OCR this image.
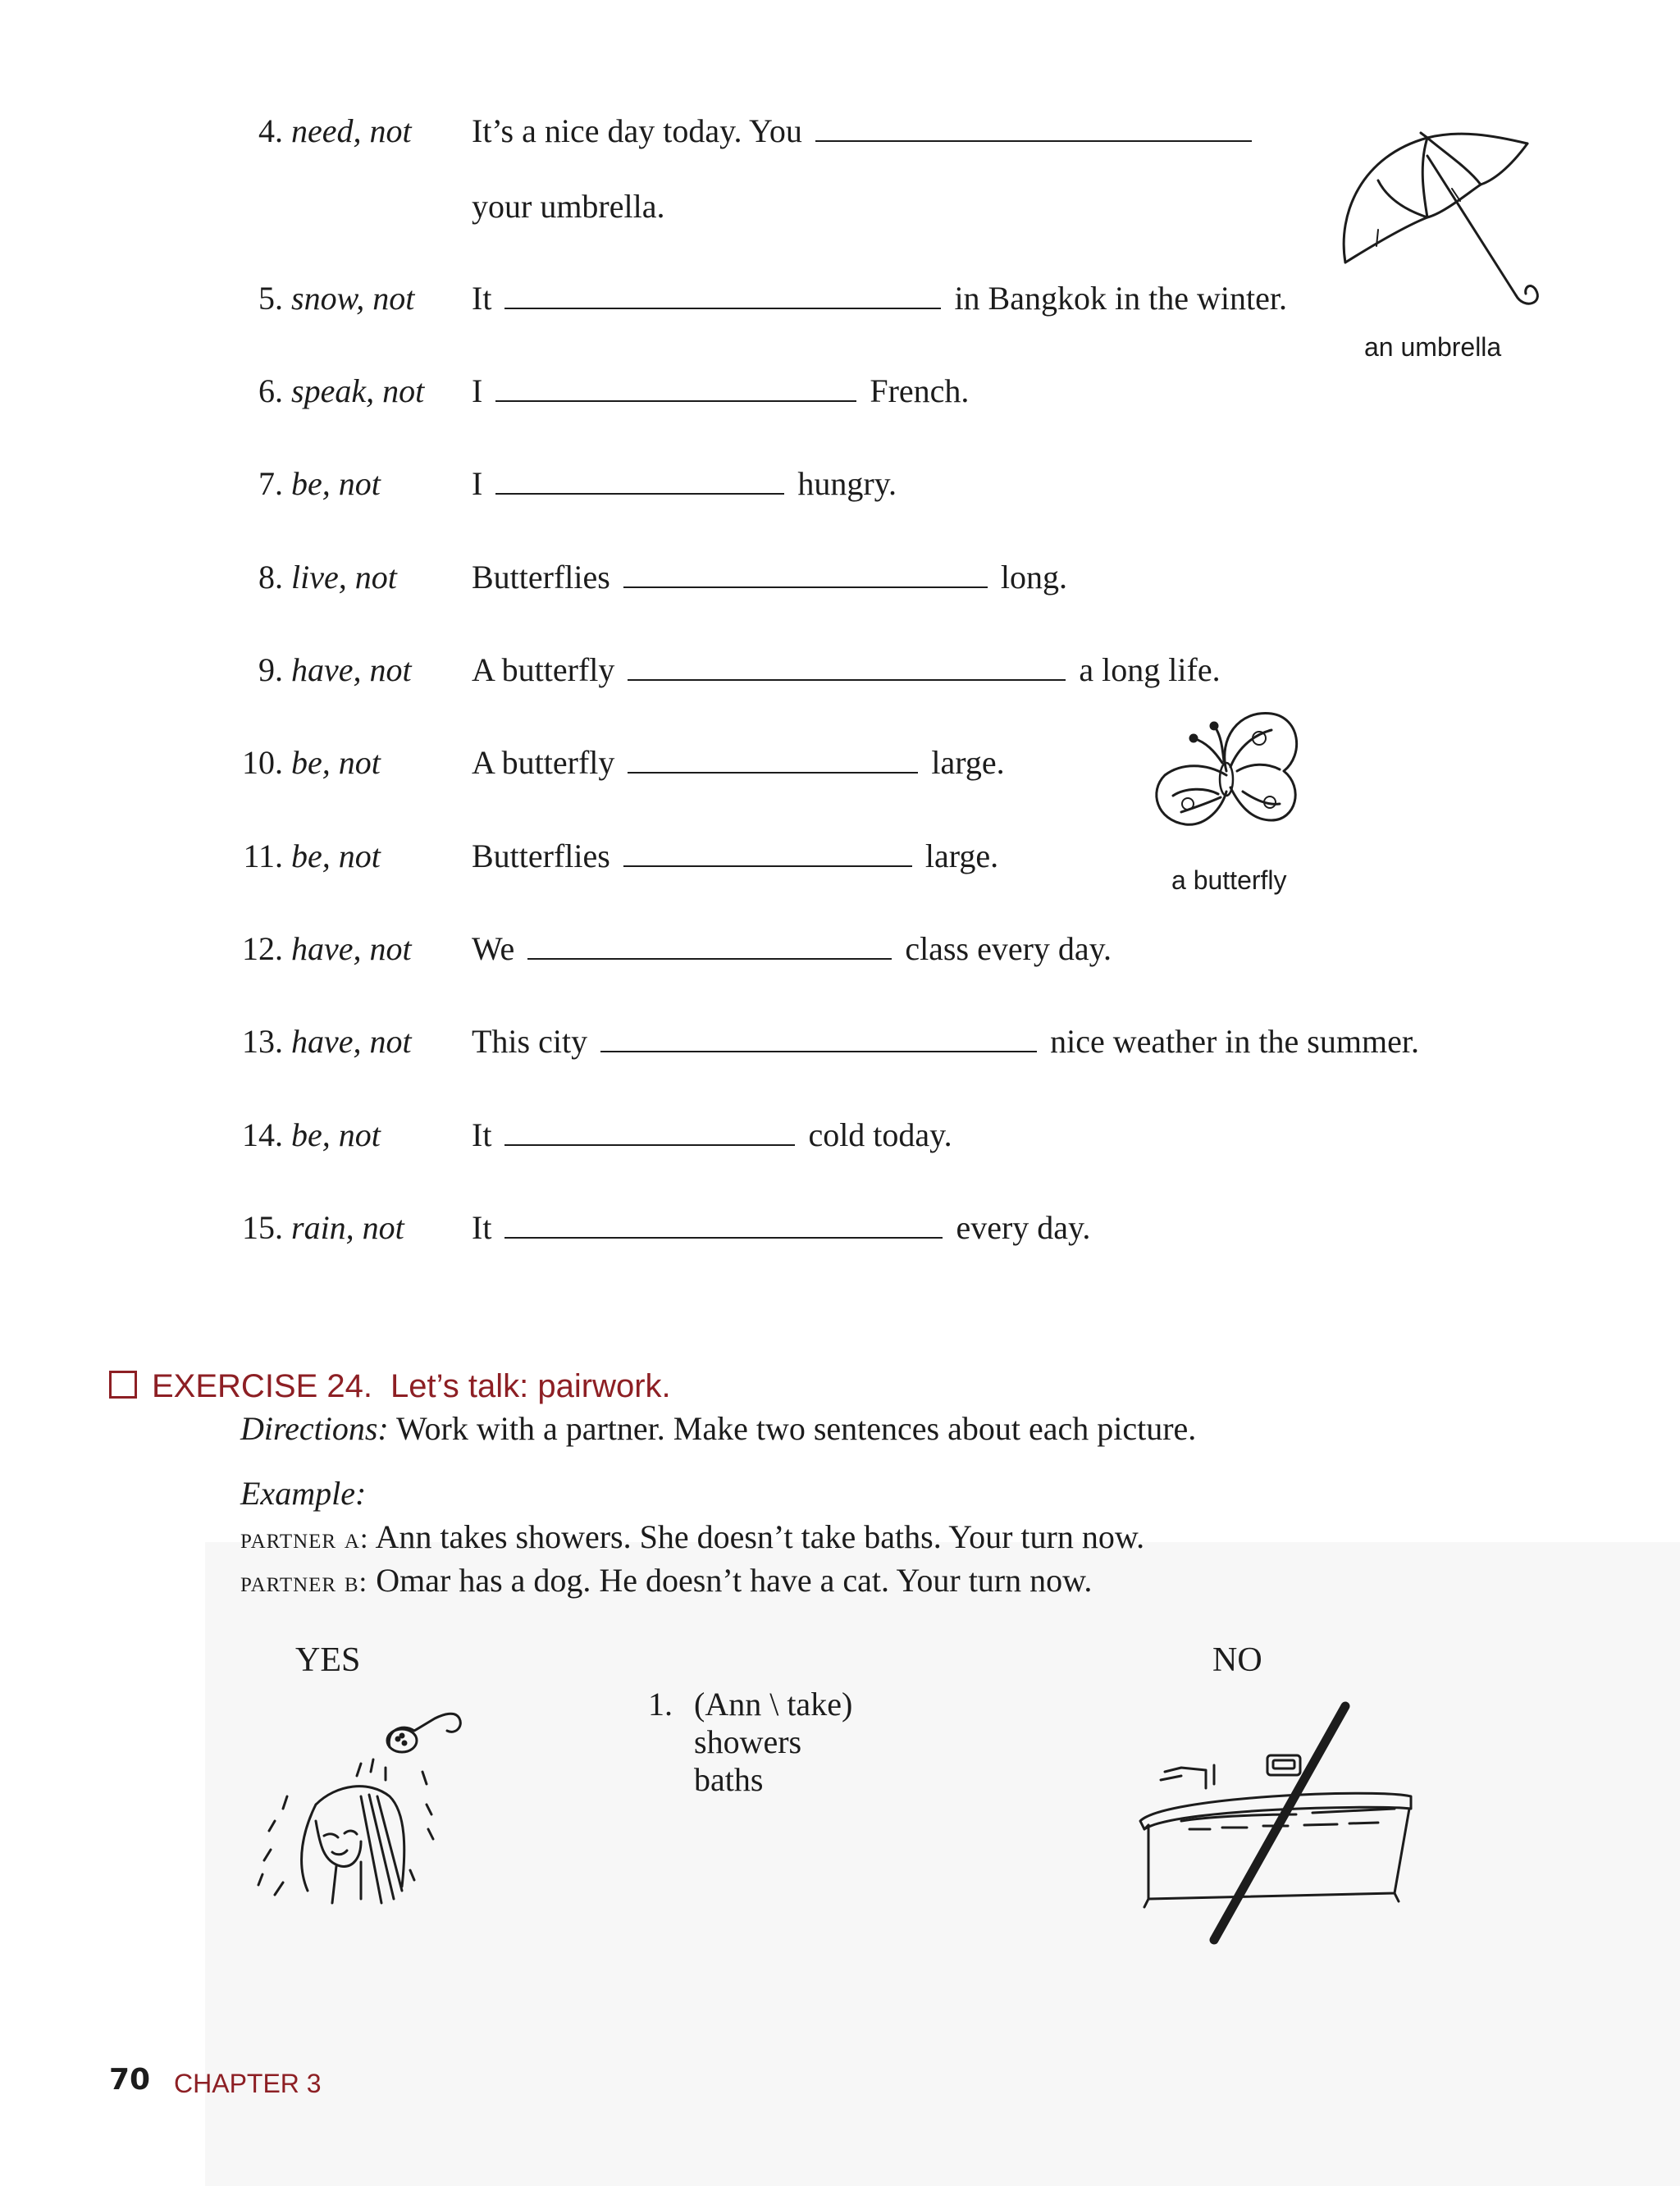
4. need, not It’s a nice day today. You
your umbrella.
5. snow, not It	in Bangkok in the winter.
6. speak, not I	French.
7. be, not	I	hungry.
8. live, not Butterflies	long.
9. have, not A butterfly	a long life.
10. be, not	A butterfly	large.
11. be, not	Butterflies	large.
12. have, not We	class every day.
13. have, not This city	nice weather in the summer.
14. be, not	It	cold today.
15. rain, not It	every day.
an umbrella
a butterfly
EXERCISE 24. Let’s talk: pairwork.
Directions: Work with a partner. Make two sentences about each picture.
Example:
partner a: Ann takes showers. She doesn’t take baths. Your turn now.
partner b: Omar has a dog. He doesn’t have a cat. Your turn now.
YES	NO
1. (Ann \ take)
showers
baths
70 CHAPTER 3
